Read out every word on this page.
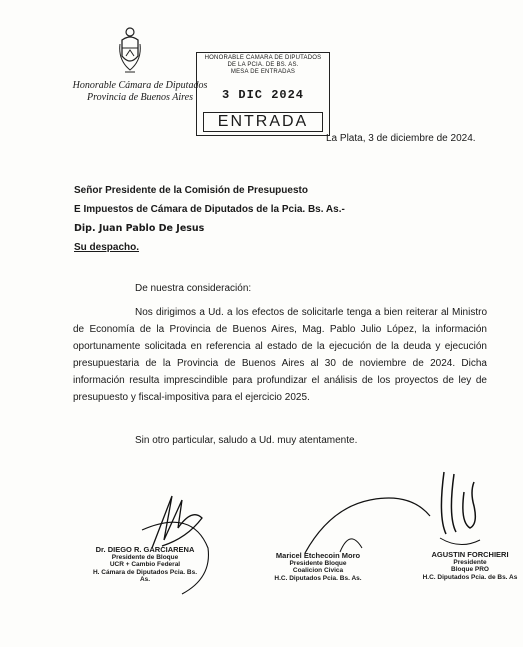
Honorable Cámara de Diputados
Provincia de Buenos Aires
HONORABLE CAMARA DE DIPUTADOS
DE LA PCIA. DE BS. AS.
MESA DE ENTRADAS
3 DIC 2024
ENTRADA
La Plata, 3 de diciembre de 2024.
Señor Presidente de la Comisión de Presupuesto
E Impuestos de Cámara de Diputados de la Pcia. Bs. As.-
Dip. Juan Pablo De Jesus
Su despacho.
De nuestra consideración:
Nos dirigimos a Ud. a los efectos de solicitarle tenga a bien reiterar al Ministro de Economía de la Provincia de Buenos Aires, Mag. Pablo Julio López, la información oportunamente solicitada en referencia al estado de la ejecución de la deuda y ejecución presupuestaria de la Provincia de Buenos Aires al 30 de noviembre de 2024. Dicha información resulta imprescindible para profundizar el análisis de los proyectos de ley de presupuesto y fiscal-impositiva para el ejercicio 2025.
Sin otro particular, saludo a Ud. muy atentamente.
Dr. DIEGO R. GARCIARENA
Presidente de Bloque
UCR + Cambio Federal
H. Cámara de Diputados Pcia. Bs. As.
Maricel Etchecoin Moro
Presidente Bloque
Coalicion Civica
H.C. Diputados Pcia. Bs. As.
AGUSTIN FORCHIERI
Presidente
Bloque PRO
H.C. Diputados Pcia. de Bs. As
